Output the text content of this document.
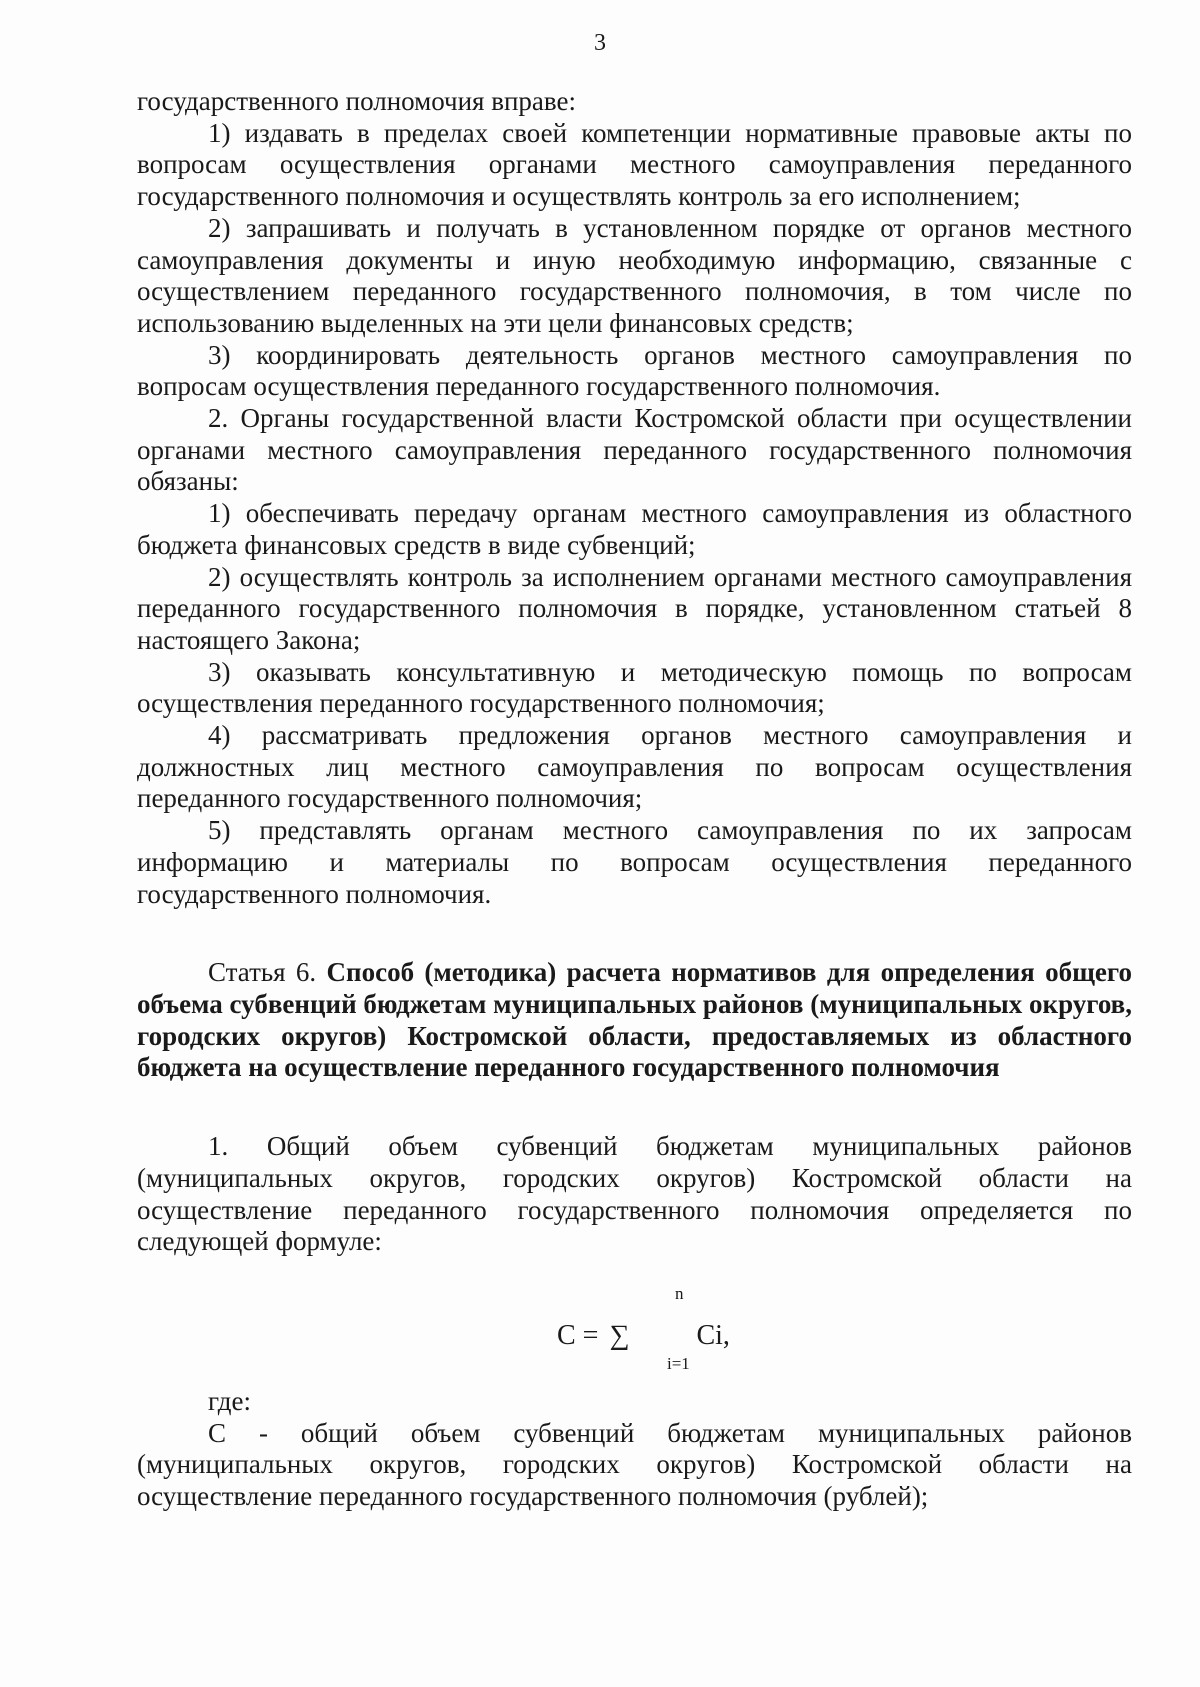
3

государственного полномочия вправе:

1) издавать в пределах своей компетенции нормативные правовые акты по вопросам осуществления органами местного самоуправления переданного государственного полномочия и осуществлять контроль за его исполнением;

2) запрашивать и получать в установленном порядке от органов местного самоуправления документы и иную необходимую информацию, связанные с осуществлением переданного государственного полномочия, в том числе по использованию выделенных на эти цели финансовых средств;

3) координировать деятельность органов местного самоуправления по вопросам осуществления переданного государственного полномочия.

2. Органы государственной власти Костромской области при осуществлении органами местного самоуправления переданного государственного полномочия обязаны:

1) обеспечивать передачу органам местного самоуправления из областного бюджета финансовых средств в виде субвенций;

2) осуществлять контроль за исполнением органами местного самоуправления переданного государственного полномочия в порядке, установленном статьей 8 настоящего Закона;

3) оказывать консультативную и методическую помощь по вопросам осуществления переданного государственного полномочия;

4) рассматривать предложения органов местного самоуправления и должностных лиц местного самоуправления по вопросам осуществления переданного государственного полномочия;

5) представлять органам местного самоуправления по их запросам информацию и материалы по вопросам осуществления переданного государственного полномочия.

Статья 6. Способ (методика) расчета нормативов для определения общего объема субвенций бюджетам муниципальных районов (муниципальных округов, городских округов) Костромской области, предоставляемых из областного бюджета на осуществление переданного государственного полномочия

1. Общий объем субвенций бюджетам муниципальных районов (муниципальных округов, городских округов) Костромской области на осуществление переданного государственного полномочия определяется по следующей формуле:

C = ∑
n
i=1
Ci,

где:

С - общий объем субвенций бюджетам муниципальных районов (муниципальных округов, городских округов) Костромской области на осуществление переданного государственного полномочия (рублей);
